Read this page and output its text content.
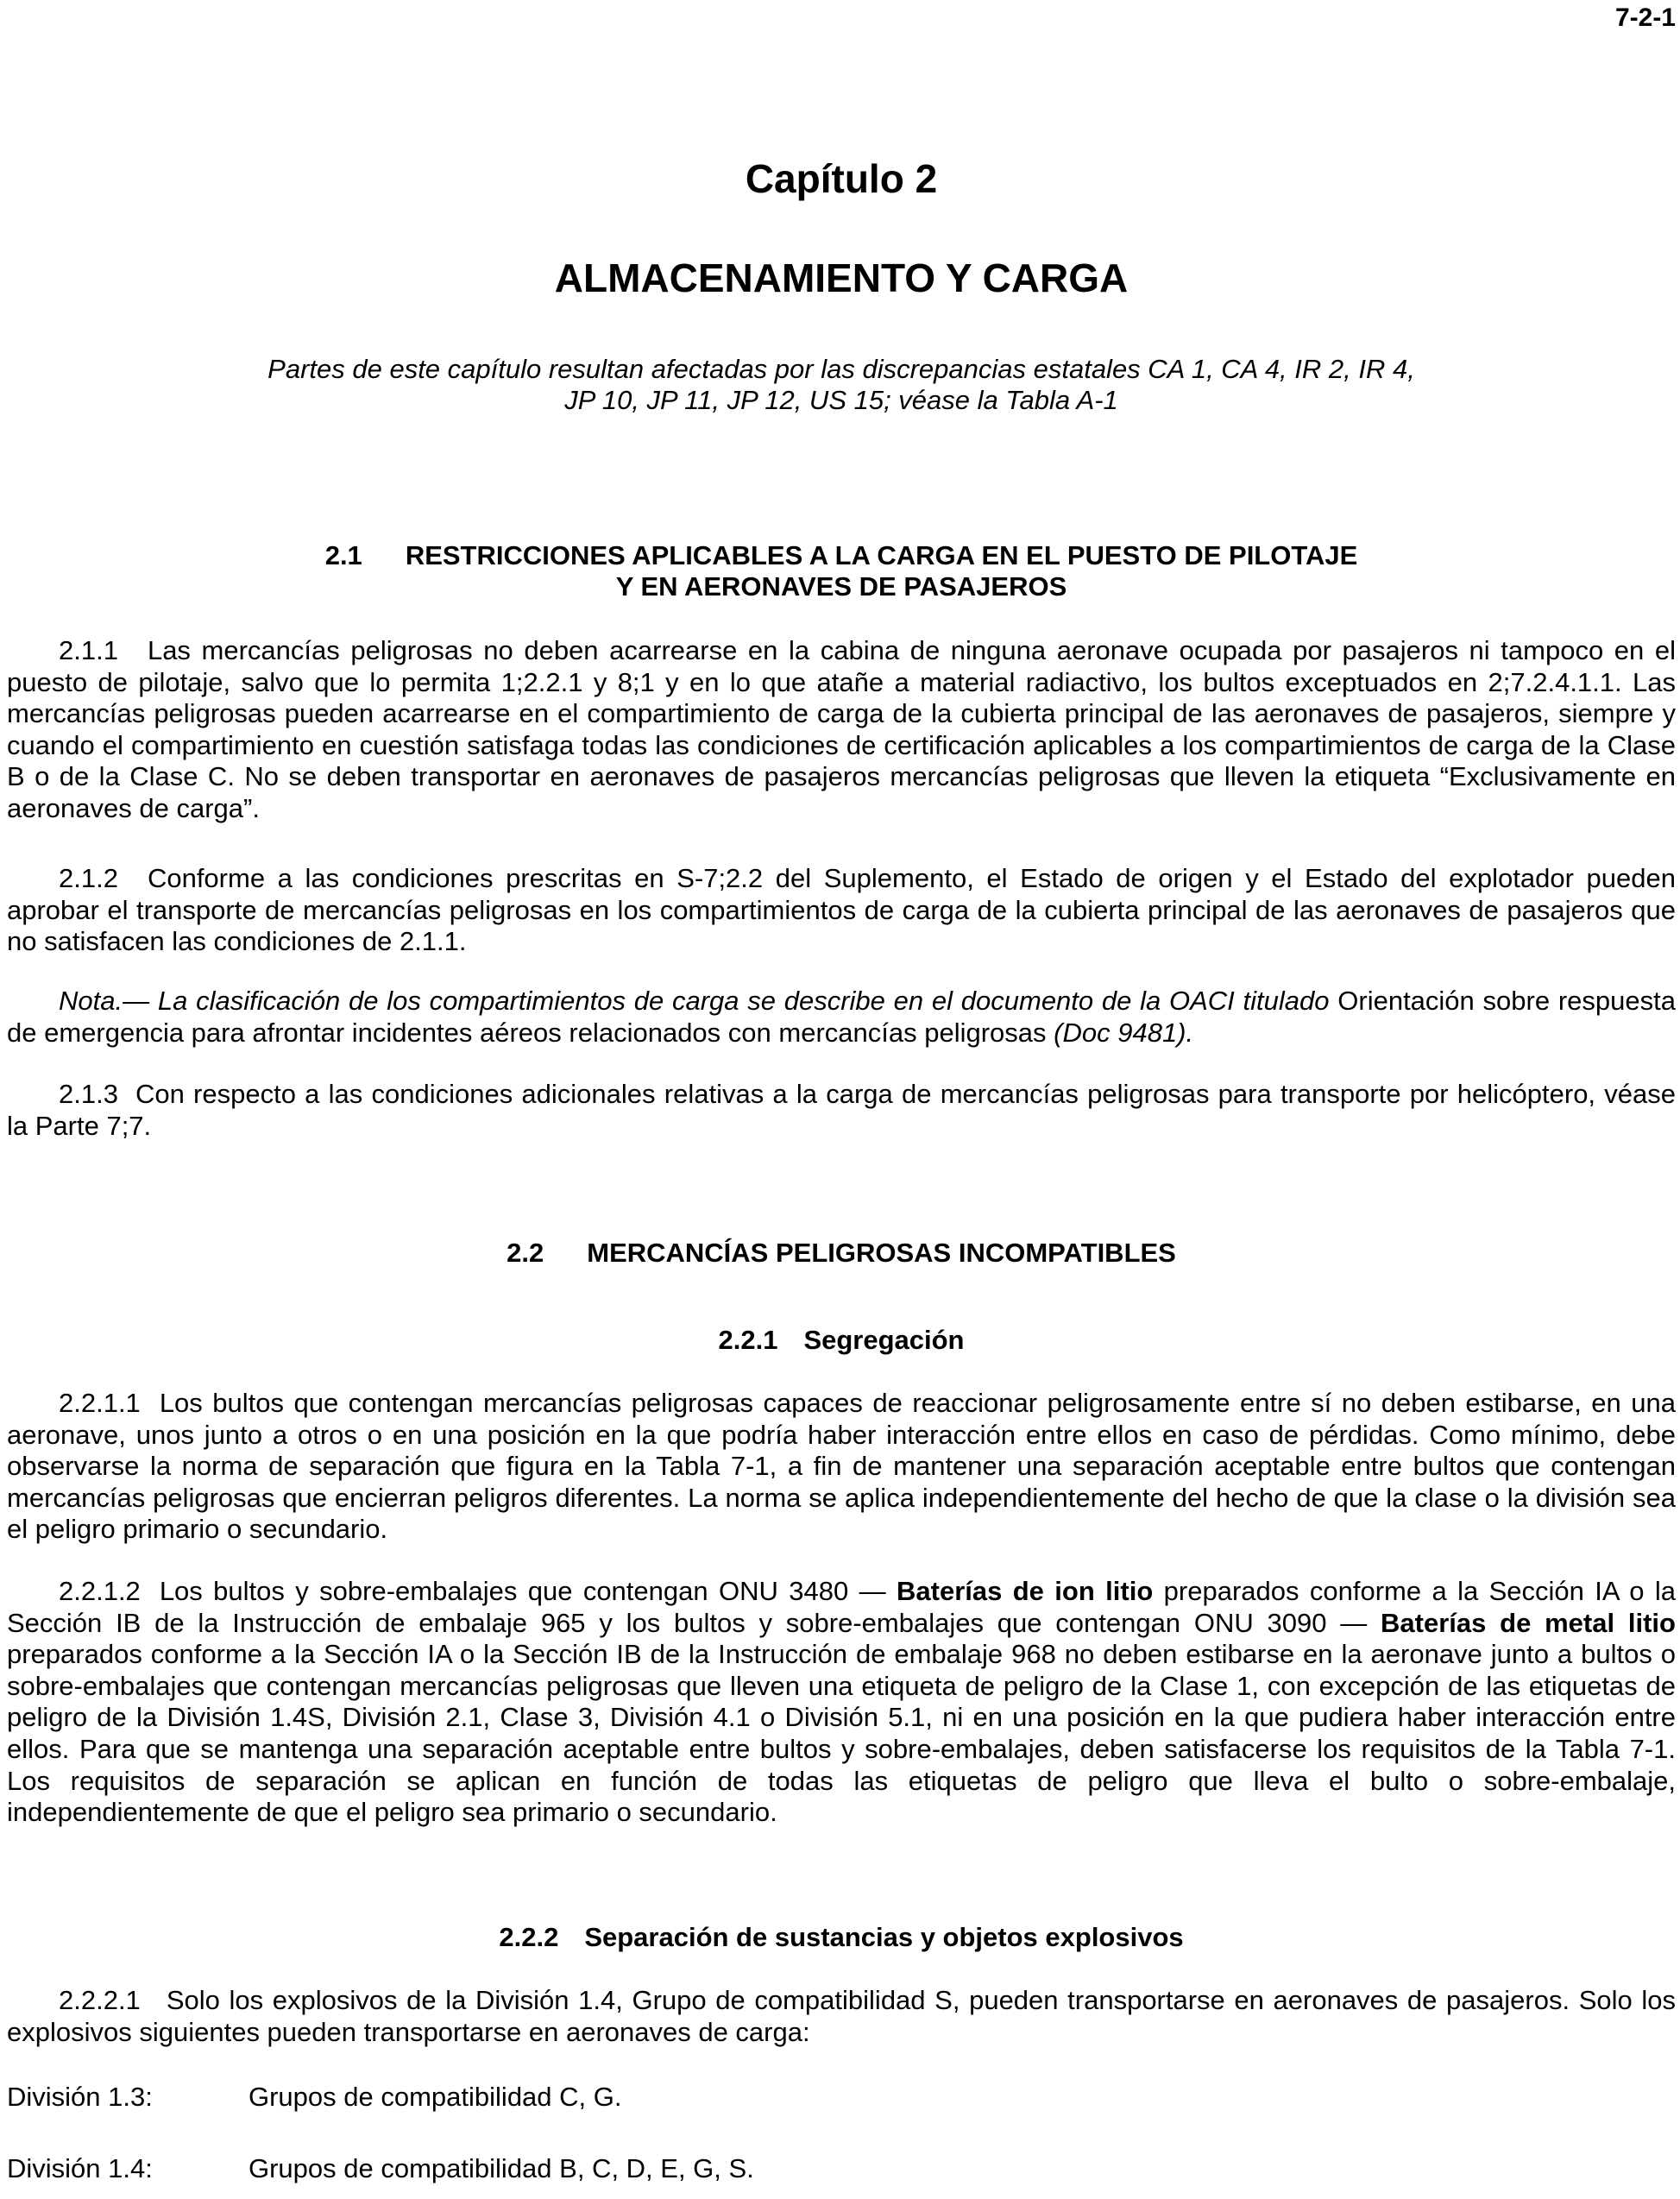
7-2-1
Capítulo 2
ALMACENAMIENTO Y CARGA
Partes de este capítulo resultan afectadas por las discrepancias estatales CA 1, CA 4, IR 2, IR 4,
JP 10, JP 11, JP 12, US 15; véase la Tabla A-1
2.1 RESTRICCIONES APLICABLES A LA CARGA EN EL PUESTO DE PILOTAJE
Y EN AERONAVES DE PASAJEROS

2.1.1 Las mercancías peligrosas no deben acarrearse en la cabina de ninguna aeronave ocupada por pasajeros ni tampoco en el puesto de pilotaje, salvo que lo permita 1;2.2.1 y 8;1 y en lo que atañe a material radiactivo, los bultos exceptuados en 2;7.2.4.1.1. Las mercancías peligrosas pueden acarrearse en el compartimiento de carga de la cubierta principal de las aeronaves de pasajeros, siempre y cuando el compartimiento en cuestión satisfaga todas las condiciones de certificación aplicables a los compartimientos de carga de la Clase B o de la Clase C. No se deben transportar en aeronaves de pasajeros mercancías peligrosas que lleven la etiqueta “Exclusivamente en aeronaves de carga”.

2.1.2 Conforme a las condiciones prescritas en S-7;2.2 del Suplemento, el Estado de origen y el Estado del explotador pueden aprobar el transporte de mercancías peligrosas en los compartimientos de carga de la cubierta principal de las aeronaves de pasajeros que no satisfacen las condiciones de 2.1.1.

Nota.— La clasificación de los compartimientos de carga se describe en el documento de la OACI titulado Orientación sobre respuesta de emergencia para afrontar incidentes aéreos relacionados con mercancías peligrosas (Doc 9481).

2.1.3 Con respecto a las condiciones adicionales relativas a la carga de mercancías peligrosas para transporte por helicóptero, véase la Parte 7;7.

2.2 MERCANCÍAS PELIGROSAS INCOMPATIBLES
2.2.1 Segregación

2.2.1.1 Los bultos que contengan mercancías peligrosas capaces de reaccionar peligrosamente entre sí no deben estibarse, en una aeronave, unos junto a otros o en una posición en la que podría haber interacción entre ellos en caso de pérdidas. Como mínimo, debe observarse la norma de separación que figura en la Tabla 7-1, a fin de mantener una separación aceptable entre bultos que contengan mercancías peligrosas que encierran peligros diferentes. La norma se aplica independientemente del hecho de que la clase o la división sea el peligro primario o secundario.

2.2.1.2 Los bultos y sobre-embalajes que contengan ONU 3480 — Baterías de ion litio preparados conforme a la Sección IA o la Sección IB de la Instrucción de embalaje 965 y los bultos y sobre-embalajes que contengan ONU 3090 — Baterías de metal litio preparados conforme a la Sección IA o la Sección IB de la Instrucción de embalaje 968 no deben estibarse en la aeronave junto a bultos o sobre-embalajes que contengan mercancías peligrosas que lleven una etiqueta de peligro de la Clase 1, con excepción de las etiquetas de peligro de la División 1.4S, División 2.1, Clase 3, División 4.1 o División 5.1, ni en una posición en la que pudiera haber interacción entre ellos. Para que se mantenga una separación aceptable entre bultos y sobre-embalajes, deben satisfacerse los requisitos de la Tabla 7-1. Los requisitos de separación se aplican en función de todas las etiquetas de peligro que lleva el bulto o sobre-embalaje, independientemente de que el peligro sea primario o secundario.

2.2.2 Separación de sustancias y objetos explosivos

2.2.2.1 Solo los explosivos de la División 1.4, Grupo de compatibilidad S, pueden transportarse en aeronaves de pasajeros. Solo los explosivos siguientes pueden transportarse en aeronaves de carga:

División 1.3:	Grupos de compatibilidad C, G.
División 1.4:	Grupos de compatibilidad B, C, D, E, G, S.
